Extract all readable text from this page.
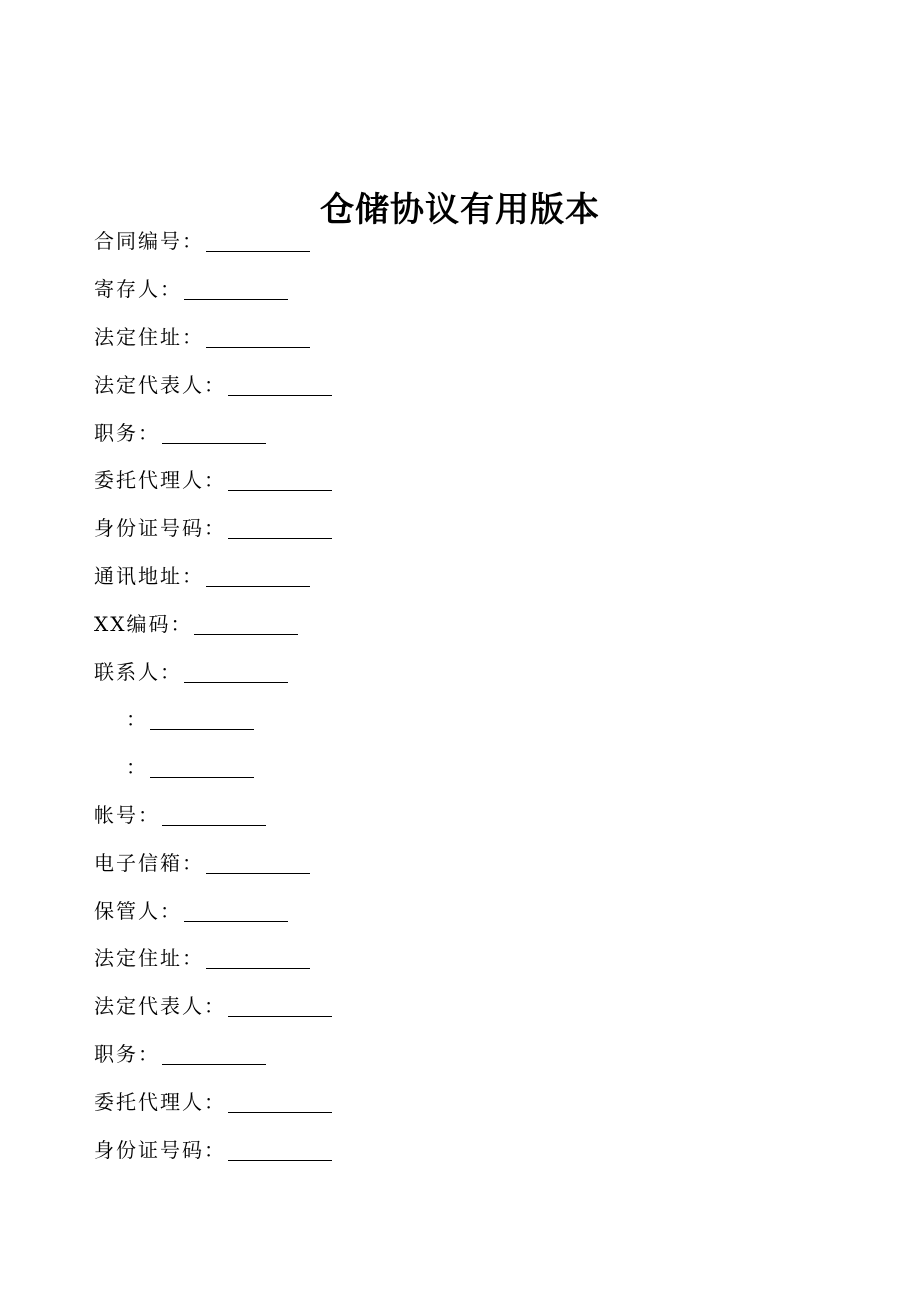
仓储协议有用版本
合同编号：
寄存人：
法定住址：
法定代表人：
职务：
委托代理人：
身份证号码：
通讯地址：
XX编码：
联系人：
：
：
帐号：
电子信箱：
保管人：
法定住址：
法定代表人：
职务：
委托代理人：
身份证号码：
